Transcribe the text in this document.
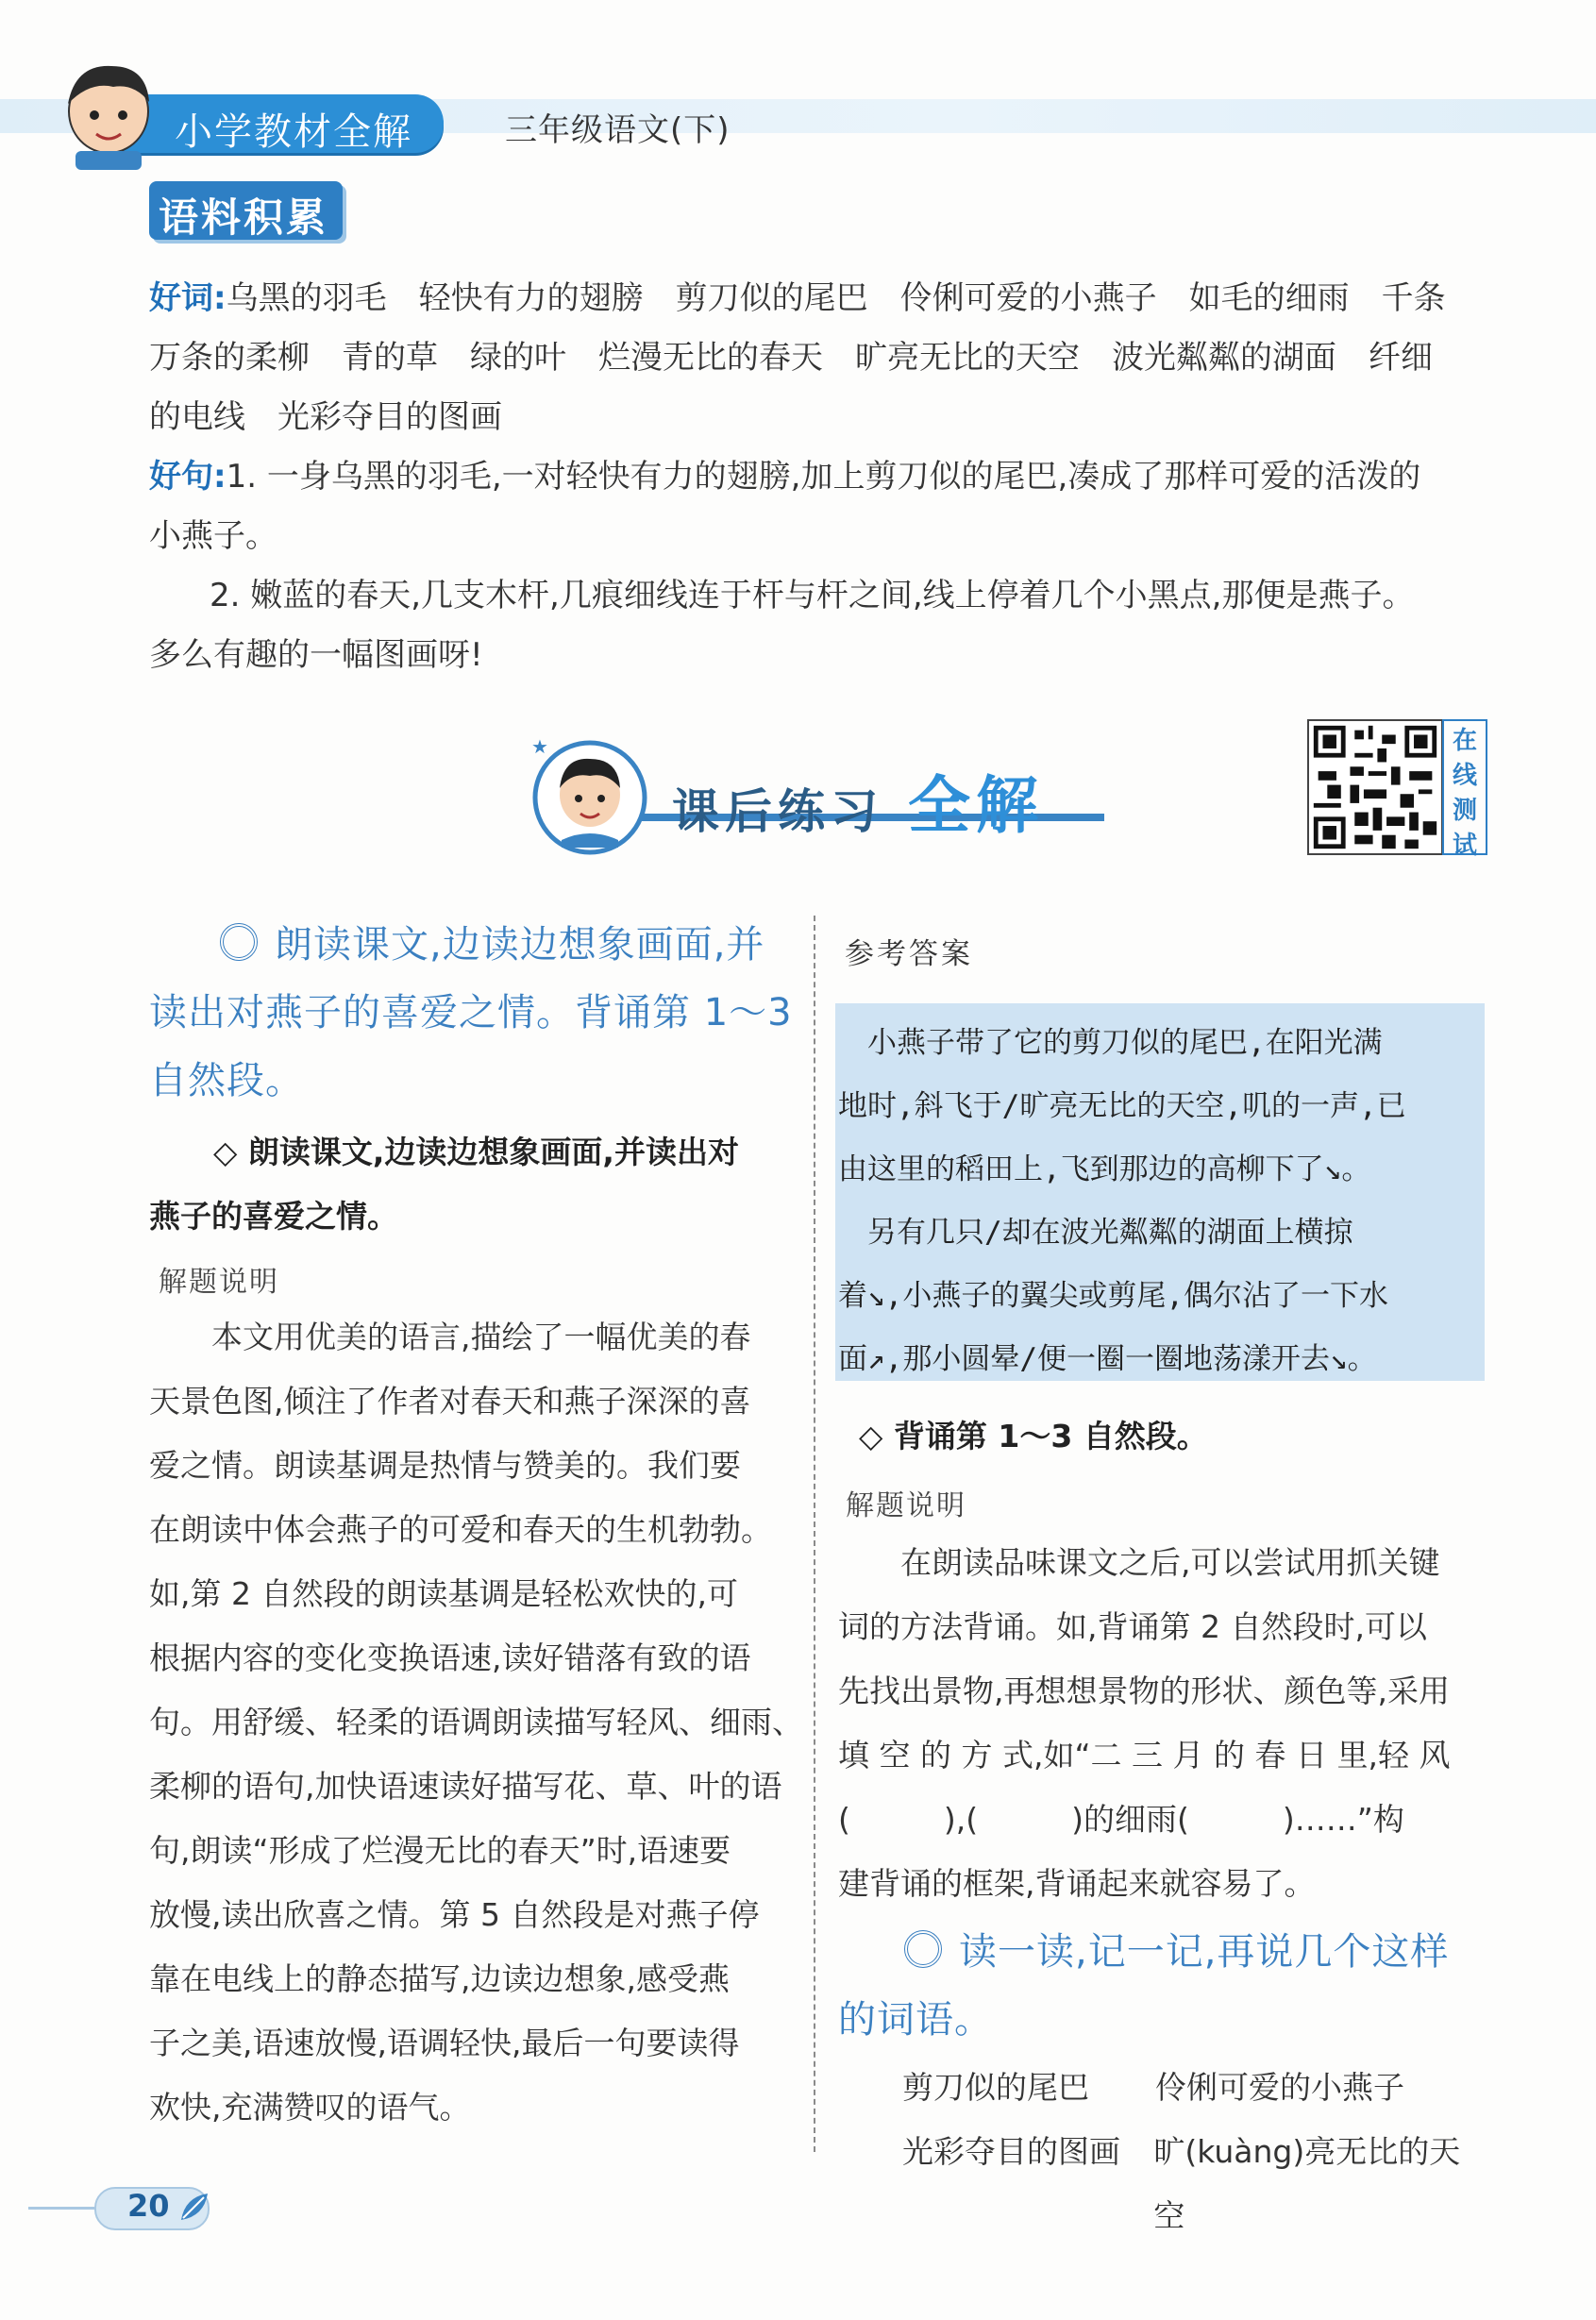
小学教材全解	三年级语文(下)
语料积累
好词:乌黑的羽毛　轻快有力的翅膀　剪刀似的尾巴　伶俐可爱的小燕子　如毛的细雨　千条
万条的柔柳　青的草　绿的叶　烂漫无比的春天　旷亮无比的天空　波光粼粼的湖面　纤细
的电线　光彩夺目的图画
好句:1. 一身乌黑的羽毛,一对轻快有力的翅膀,加上剪刀似的尾巴,凑成了那样可爱的活泼的
小燕子。
2. 嫩蓝的春天,几支木杆,几痕细线连于杆与杆之间,线上停着几个小黑点,那便是燕子。
多么有趣的一幅图画呀!
★
课后练习 全解
在
线
测
试
朗读课文,边读边想象画面,并
读出对燕子的喜爱之情。背诵第 1～3
自然段。
◇ 朗读课文,边读边想象画面,并读出对
燕子的喜爱之情。
解题说明
　　本文用优美的语言,描绘了一幅优美的春
天景色图,倾注了作者对春天和燕子深深的喜
爱之情。朗读基调是热情与赞美的。我们要
在朗读中体会燕子的可爱和春天的生机勃勃。
如,第 2 自然段的朗读基调是轻松欢快的,可
根据内容的变化变换语速,读好错落有致的语
句。用舒缓、轻柔的语调朗读描写轻风、细雨、
柔柳的语句,加快语速读好描写花、草、叶的语
句,朗读“形成了烂漫无比的春天”时,语速要
放慢,读出欣喜之情。第 5 自然段是对燕子停
靠在电线上的静态描写,边读边想象,感受燕
子之美,语速放慢,语调轻快,最后一句要读得
欢快,充满赞叹的语气。
参考答案
　小燕子带了它的剪刀似的尾巴,在阳光满
地时,斜飞于/旷亮无比的天空,叽的一声,已
由这里的稻田上,飞到那边的高柳下了↘。
　另有几只/却在波光粼粼的湖面上横掠
着↘,小燕子的翼尖或剪尾,偶尔沾了一下水
面↗,那小圆晕/便一圈一圈地荡漾开去↘。
◇ 背诵第 1～3 自然段。
解题说明
　　在朗读品味课文之后,可以尝试用抓关键
词的方法背诵。如,背诵第 2 自然段时,可以
先找出景物,再想想景物的形状、颜色等,采用
填 空 的 方 式,如“二 三 月 的 春 日 里,轻 风
(　　　),(　　　)的细雨(　　　)……”构
建背诵的框架,背诵起来就容易了。
读一读,记一记,再说几个这样
的词语。
剪刀似的尾巴	伶俐可爱的小燕子
光彩夺目的图画	旷(kuàng)亮无比的天空
20
